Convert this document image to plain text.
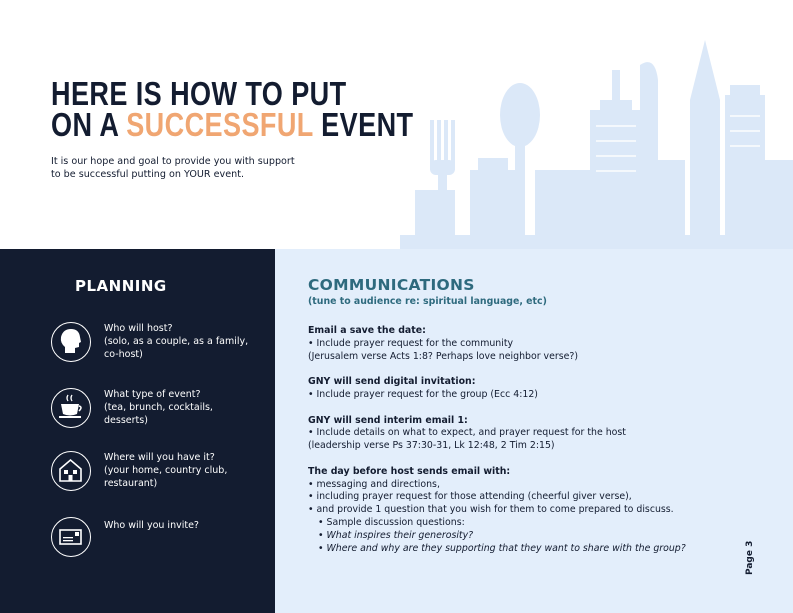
HERE IS HOW TO PUT
ON A SUCCESSFUL EVENT
It is our hope and goal to provide you with support
to be successful putting on YOUR event.
PLANNING
Who will host?
(solo, as a couple, as a family,
co-host)
What type of event?
(tea, brunch, cocktails,
desserts)
Where will you have it?
(your home, country club,
restaurant)
Who will you invite?
COMMUNICATIONS
(tune to audience re: spiritual language, etc)
Email a save the date:
• Include prayer request for the community
(Jerusalem verse Acts 1:8? Perhaps love neighbor verse?)
GNY will send digital invitation:
• Include prayer request for the group (Ecc 4:12)
GNY will send interim email 1:
• Include details on what to expect, and prayer request for the host
(leadership verse Ps 37:30-31, Lk 12:48, 2 Tim 2:15)
The day before host sends email with:
• messaging and directions,
• including prayer request for those attending (cheerful giver verse),
• and provide 1 question that you wish for them to come prepared to discuss.
• Sample discussion questions:
• What inspires their generosity?
• Where and why are they supporting that they want to share with the group?	Page 3
